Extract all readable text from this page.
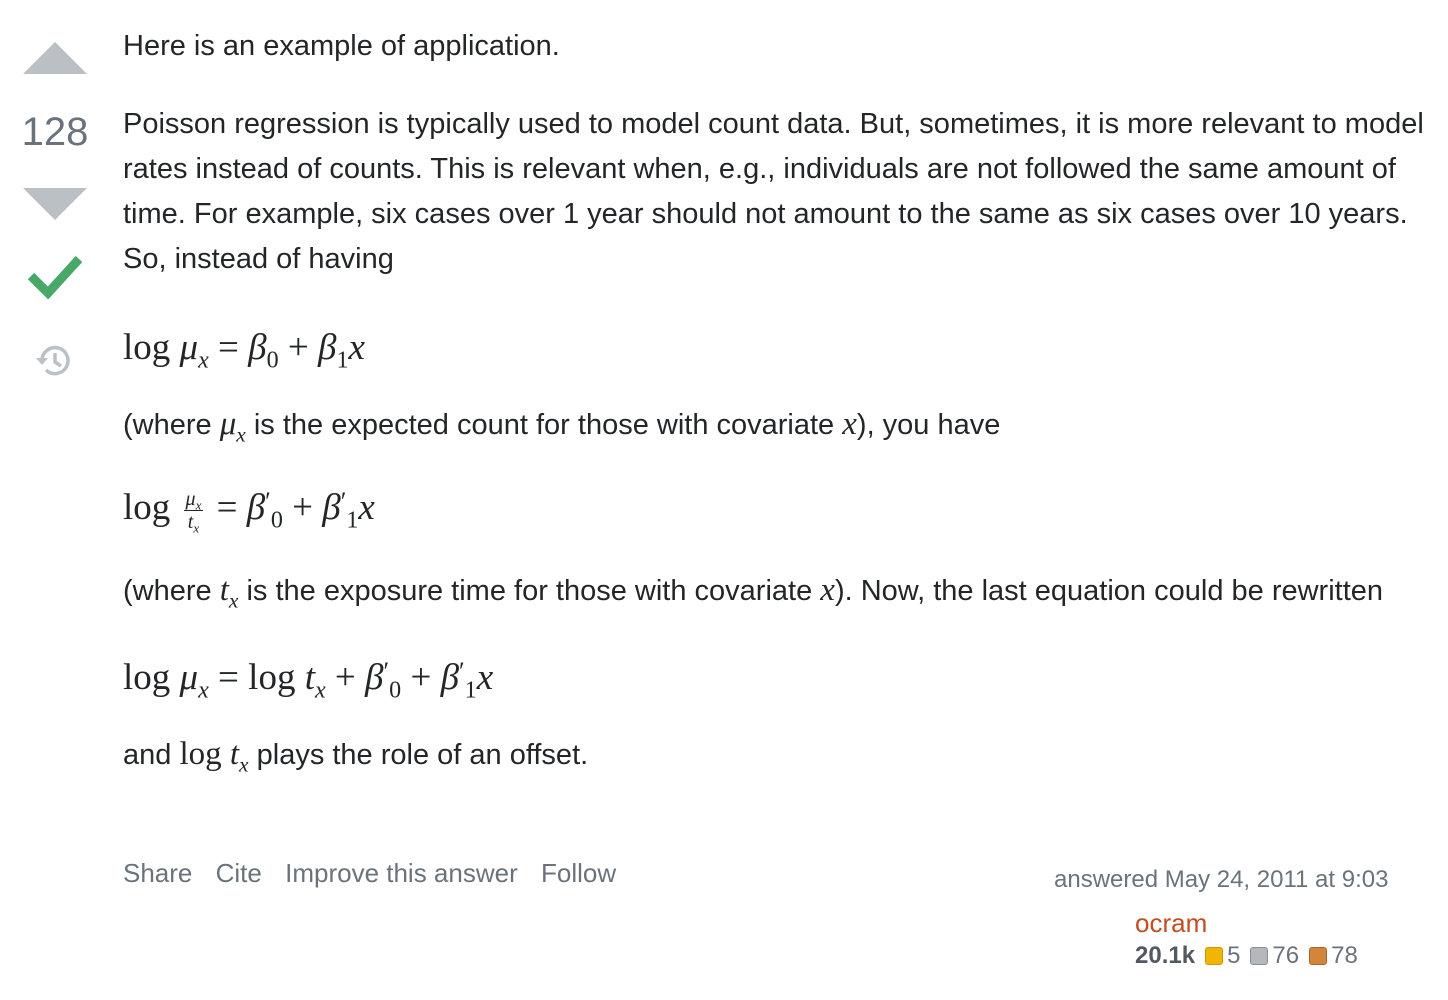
128

Here is an example of application.

Poisson regression is typically used to model count data. But, sometimes, it is more relevant to model rates instead of counts. This is relevant when, e.g., individuals are not followed the same amount of time. For example, six cases over 1 year should not amount to the same as six cases over 10 years. So, instead of having

$\log \mu_x = \beta_0 + \beta_1x$

(where $\mu_x$ is the expected count for those with covariate x), you have

$\log \frac{\mu_x}{t_x} = \beta'_0 + \beta'_1x$

(where $t_x$ is the exposure time for those with covariate x). Now, the last equation could be rewritten

$\log \mu_x = \log t_x + \beta'_0 + \beta'_1x$

and $\log t_x$ plays the role of an offset.

Share Cite Improve this answer Follow	answered May 24, 2011 at 9:03
ocram
20.1k 5 76 78
